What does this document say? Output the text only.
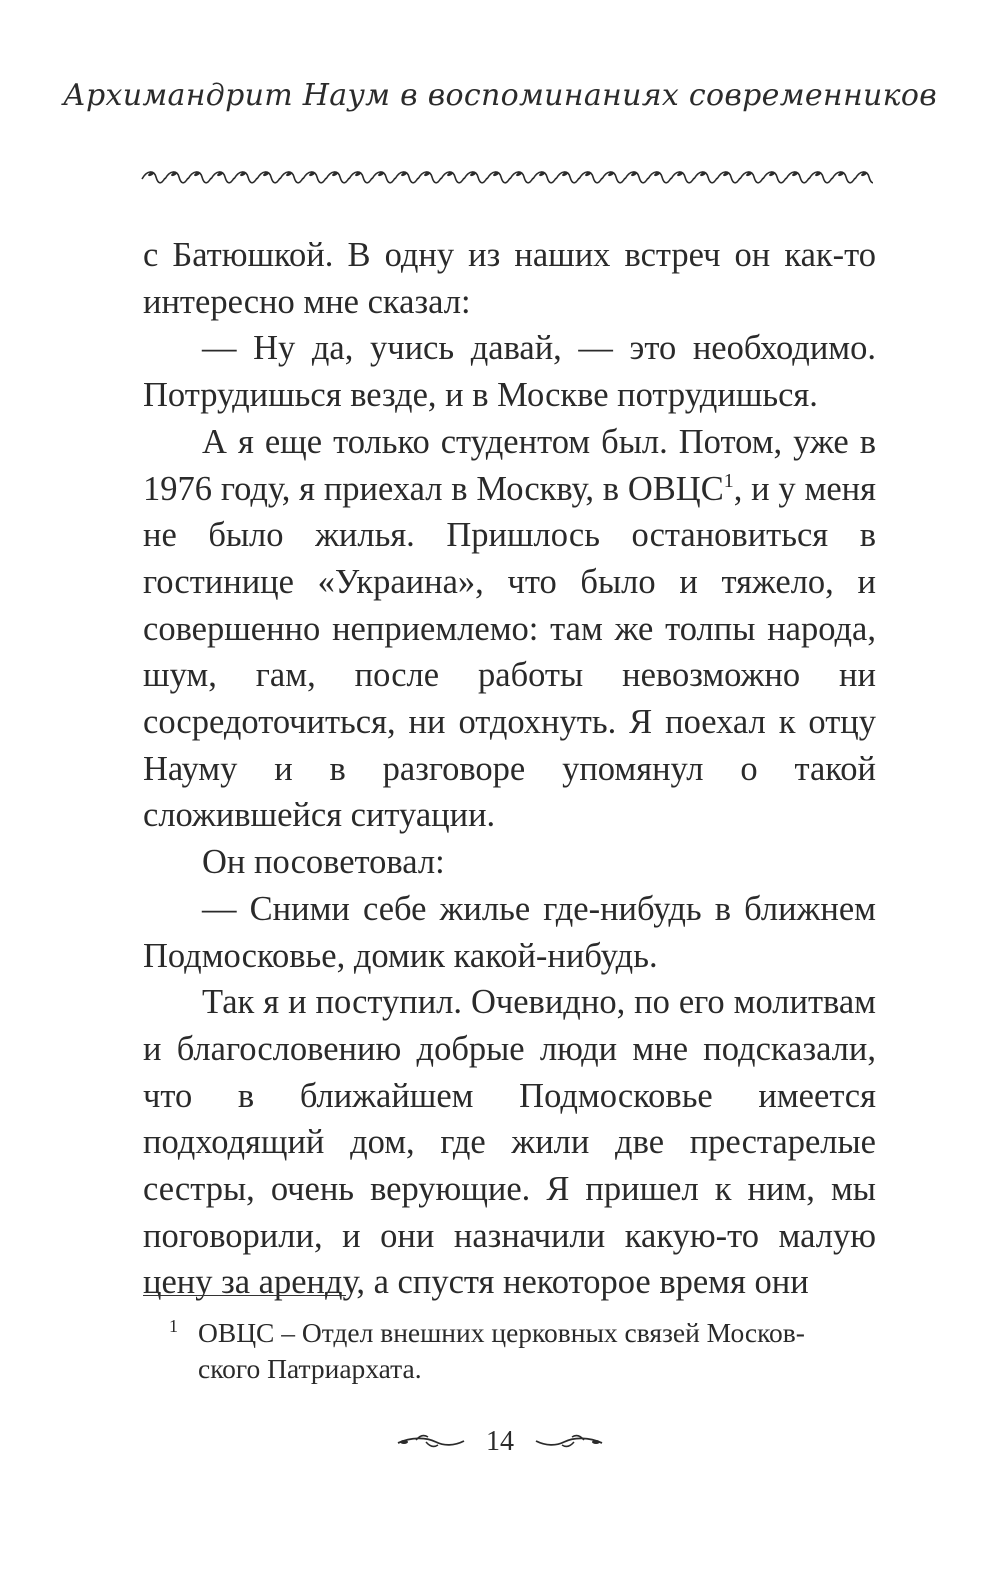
Архимандрит Наум в воспоминаниях современников

с Батюшкой. В одну из наших встреч он как-то интересно мне сказал:

— Ну да, учись давай, — это необходимо. Потрудишься везде, и в Москве потрудишься.

А я еще только студентом был. Потом, уже в 1976 году, я приехал в Москву, в ОВЦС$^1$, и у меня не было жилья. Пришлось остановиться в гостинице «Украина», что было и тяжело, и совершенно неприемлемо: там же толпы народа, шум, гам, после работы невозможно ни сосредоточиться, ни отдохнуть. Я поехал к отцу Науму и в разговоре упомянул о такой сложившейся ситуации.

Он посоветовал:

— Сними себе жилье где-нибудь в ближнем Подмосковье, домик какой-нибудь.

Так я и поступил. Очевидно, по его молитвам и благословению добрые люди мне подсказали, что в ближайшем Подмосковье имеется подходящий дом, где жили две престарелые сестры, очень верующие. Я пришел к ним, мы поговорили, и они назначили какую-то малую цену за аренду, а спустя некоторое время они

1 ОВЦС – Отдел внешних церковных связей Москов-

ского Патриархата.

14
